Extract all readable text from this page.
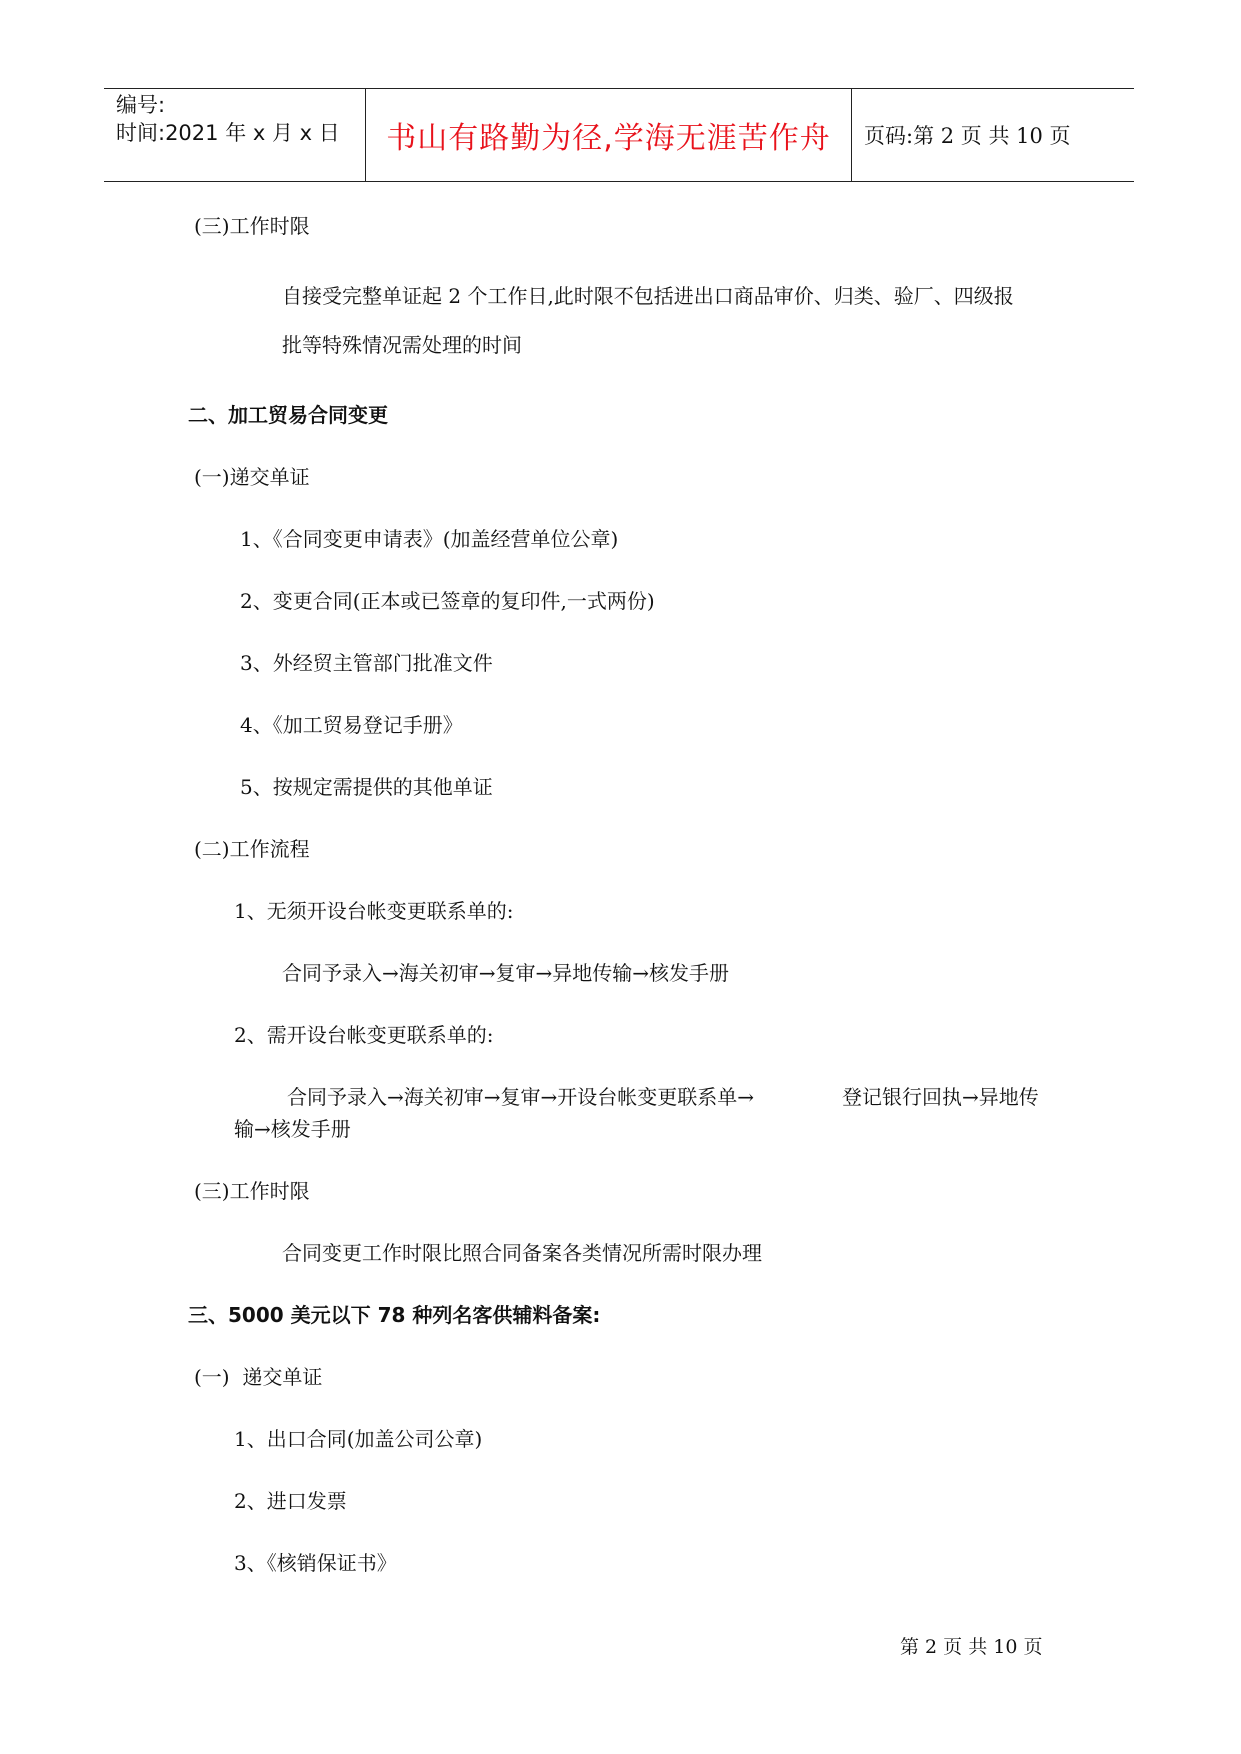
编号:
时间:2021 年 x 月 x 日	书山有路勤为径,学海无涯苦作舟	页码:第 2 页 共 10 页
(三)工作时限
自接受完整单证起 2 个工作日,此时限不包括进出口商品审价、归类、验厂、四级报
批等特殊情况需处理的时间
二、加工贸易合同变更
(一)递交单证
1、《合同变更申请表》(加盖经营单位公章)
2、变更合同(正本或已签章的复印件,一式两份)
3、外经贸主管部门批准文件
4、《加工贸易登记手册》
5、按规定需提供的其他单证
(二)工作流程
1、无须开设台帐变更联系单的:
合同予录入→海关初审→复审→异地传输→核发手册
2、需开设台帐变更联系单的:
合同予录入→海关初审→复审→开设台帐变更联系单→	登记银行回执→异地传
输→核发手册
(三)工作时限
合同变更工作时限比照合同备案各类情况所需时限办理
三、5000 美元以下 78 种列名客供辅料备案:
(一)  递交单证
1、出口合同(加盖公司公章)
2、进口发票
3、《核销保证书》
第 2 页 共 10 页
